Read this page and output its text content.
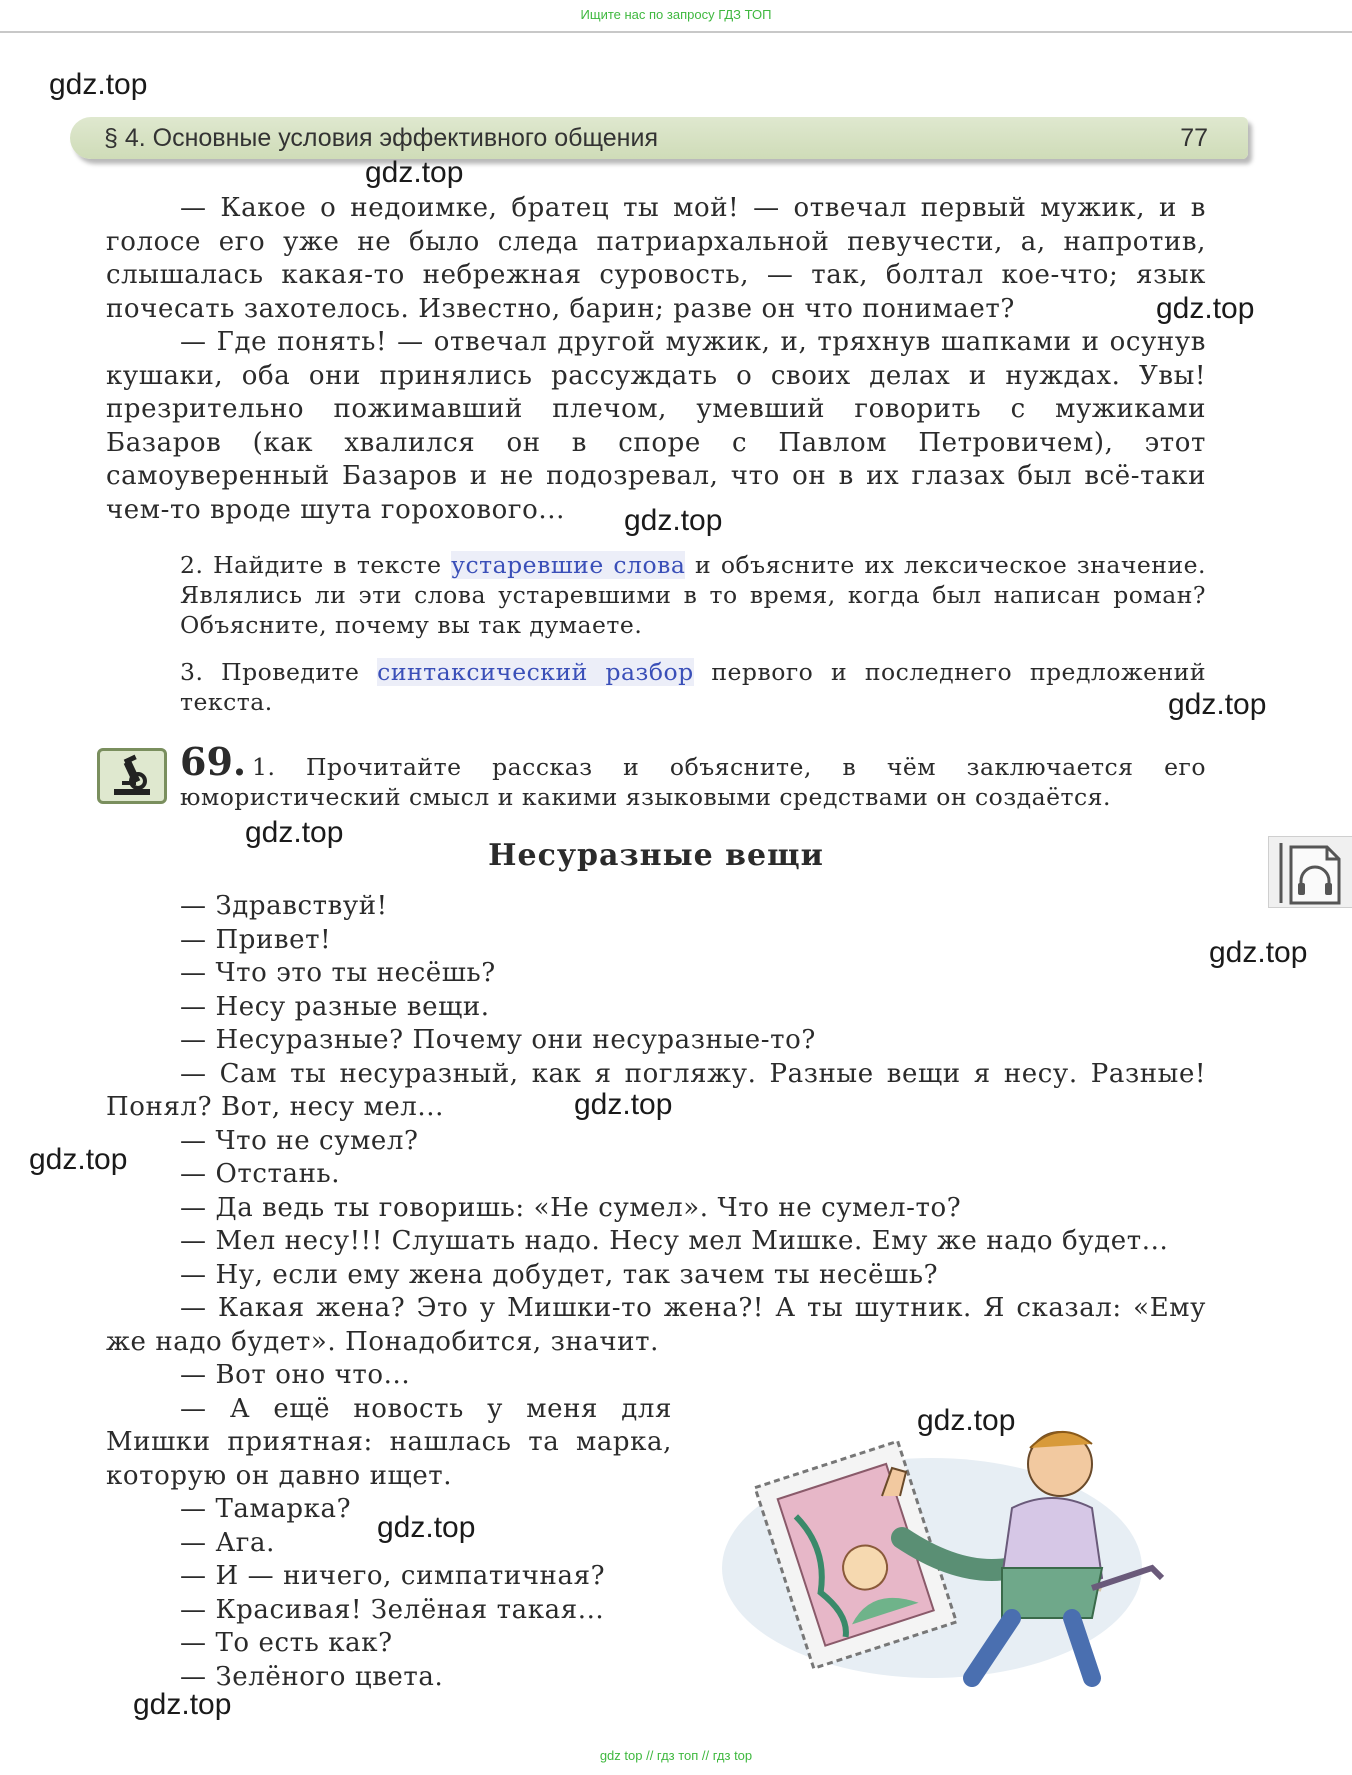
Ищите нас по запросу ГДЗ ТОП
§ 4. Основные условия эффективного общения	77

— Какое о недоимке, братец ты мой! — отвечал первый мужик, и в голосе его уже не было следа патриархальной певучести, а, напротив, слышалась какая-то небрежная суровость, — так, болтал кое-что; язык почесать захотелось. Известно, барин; разве он что понимает?

— Где понять! — отвечал другой мужик, и, тряхнув шапками и осунув кушаки, оба они принялись рассуждать о своих делах и нуждах. Увы! презрительно пожимавший плечом, умевший говорить с мужиками Базаров (как хвалился он в споре с Павлом Петровичем), этот самоуверенный Базаров и не подозревал, что он в их глазах был всё-таки чем-то вроде шута горохового...

2. Найдите в тексте устаревшие слова и объясните их лексическое значение. Являлись ли эти слова устаревшими в то время, когда был написан роман? Объясните, почему вы так думаете.

3. Проведите синтаксический разбор первого и последнего предложений текста.

69. 1. Прочитайте рассказ и объясните, в чём заключается его юмористический смысл и какими языковыми средствами он создаётся.
Несуразные вещи

— Здравствуй!

— Привет!

— Что это ты несёшь?

— Несу разные вещи.

— Несуразные? Почему они несуразные-то?

— Сам ты несуразный, как я погляжу. Разные вещи я несу. Разные! Понял? Вот, несу мел...

— Что не сумел?

— Отстань.

— Да ведь ты говоришь: «Не сумел». Что не сумел-то?

— Мел несу!!! Слушать надо. Несу мел Мишке. Ему же надо будет...

— Ну, если ему жена добудет, так зачем ты несёшь?

— Какая жена? Это у Мишки-то жена?! А ты шутник. Я сказал: «Ему же надо будет». Понадобится, значит.

— Вот оно что...

— А ещё новость у меня для Мишки приятная: нашлась та марка, которую он давно ищет.

— Тамарка?

— Ага.

— И — ничего, симпатичная?

— Красивая! Зелёная такая...

— То есть как?

— Зелёного цвета.

gdz.top
gdz.top
gdz.top
gdz.top
gdz.top
gdz.top
gdz.top
gdz.top
gdz.top
gdz.top
gdz.top
gdz.top
gdz top // гдз топ // гдз top
